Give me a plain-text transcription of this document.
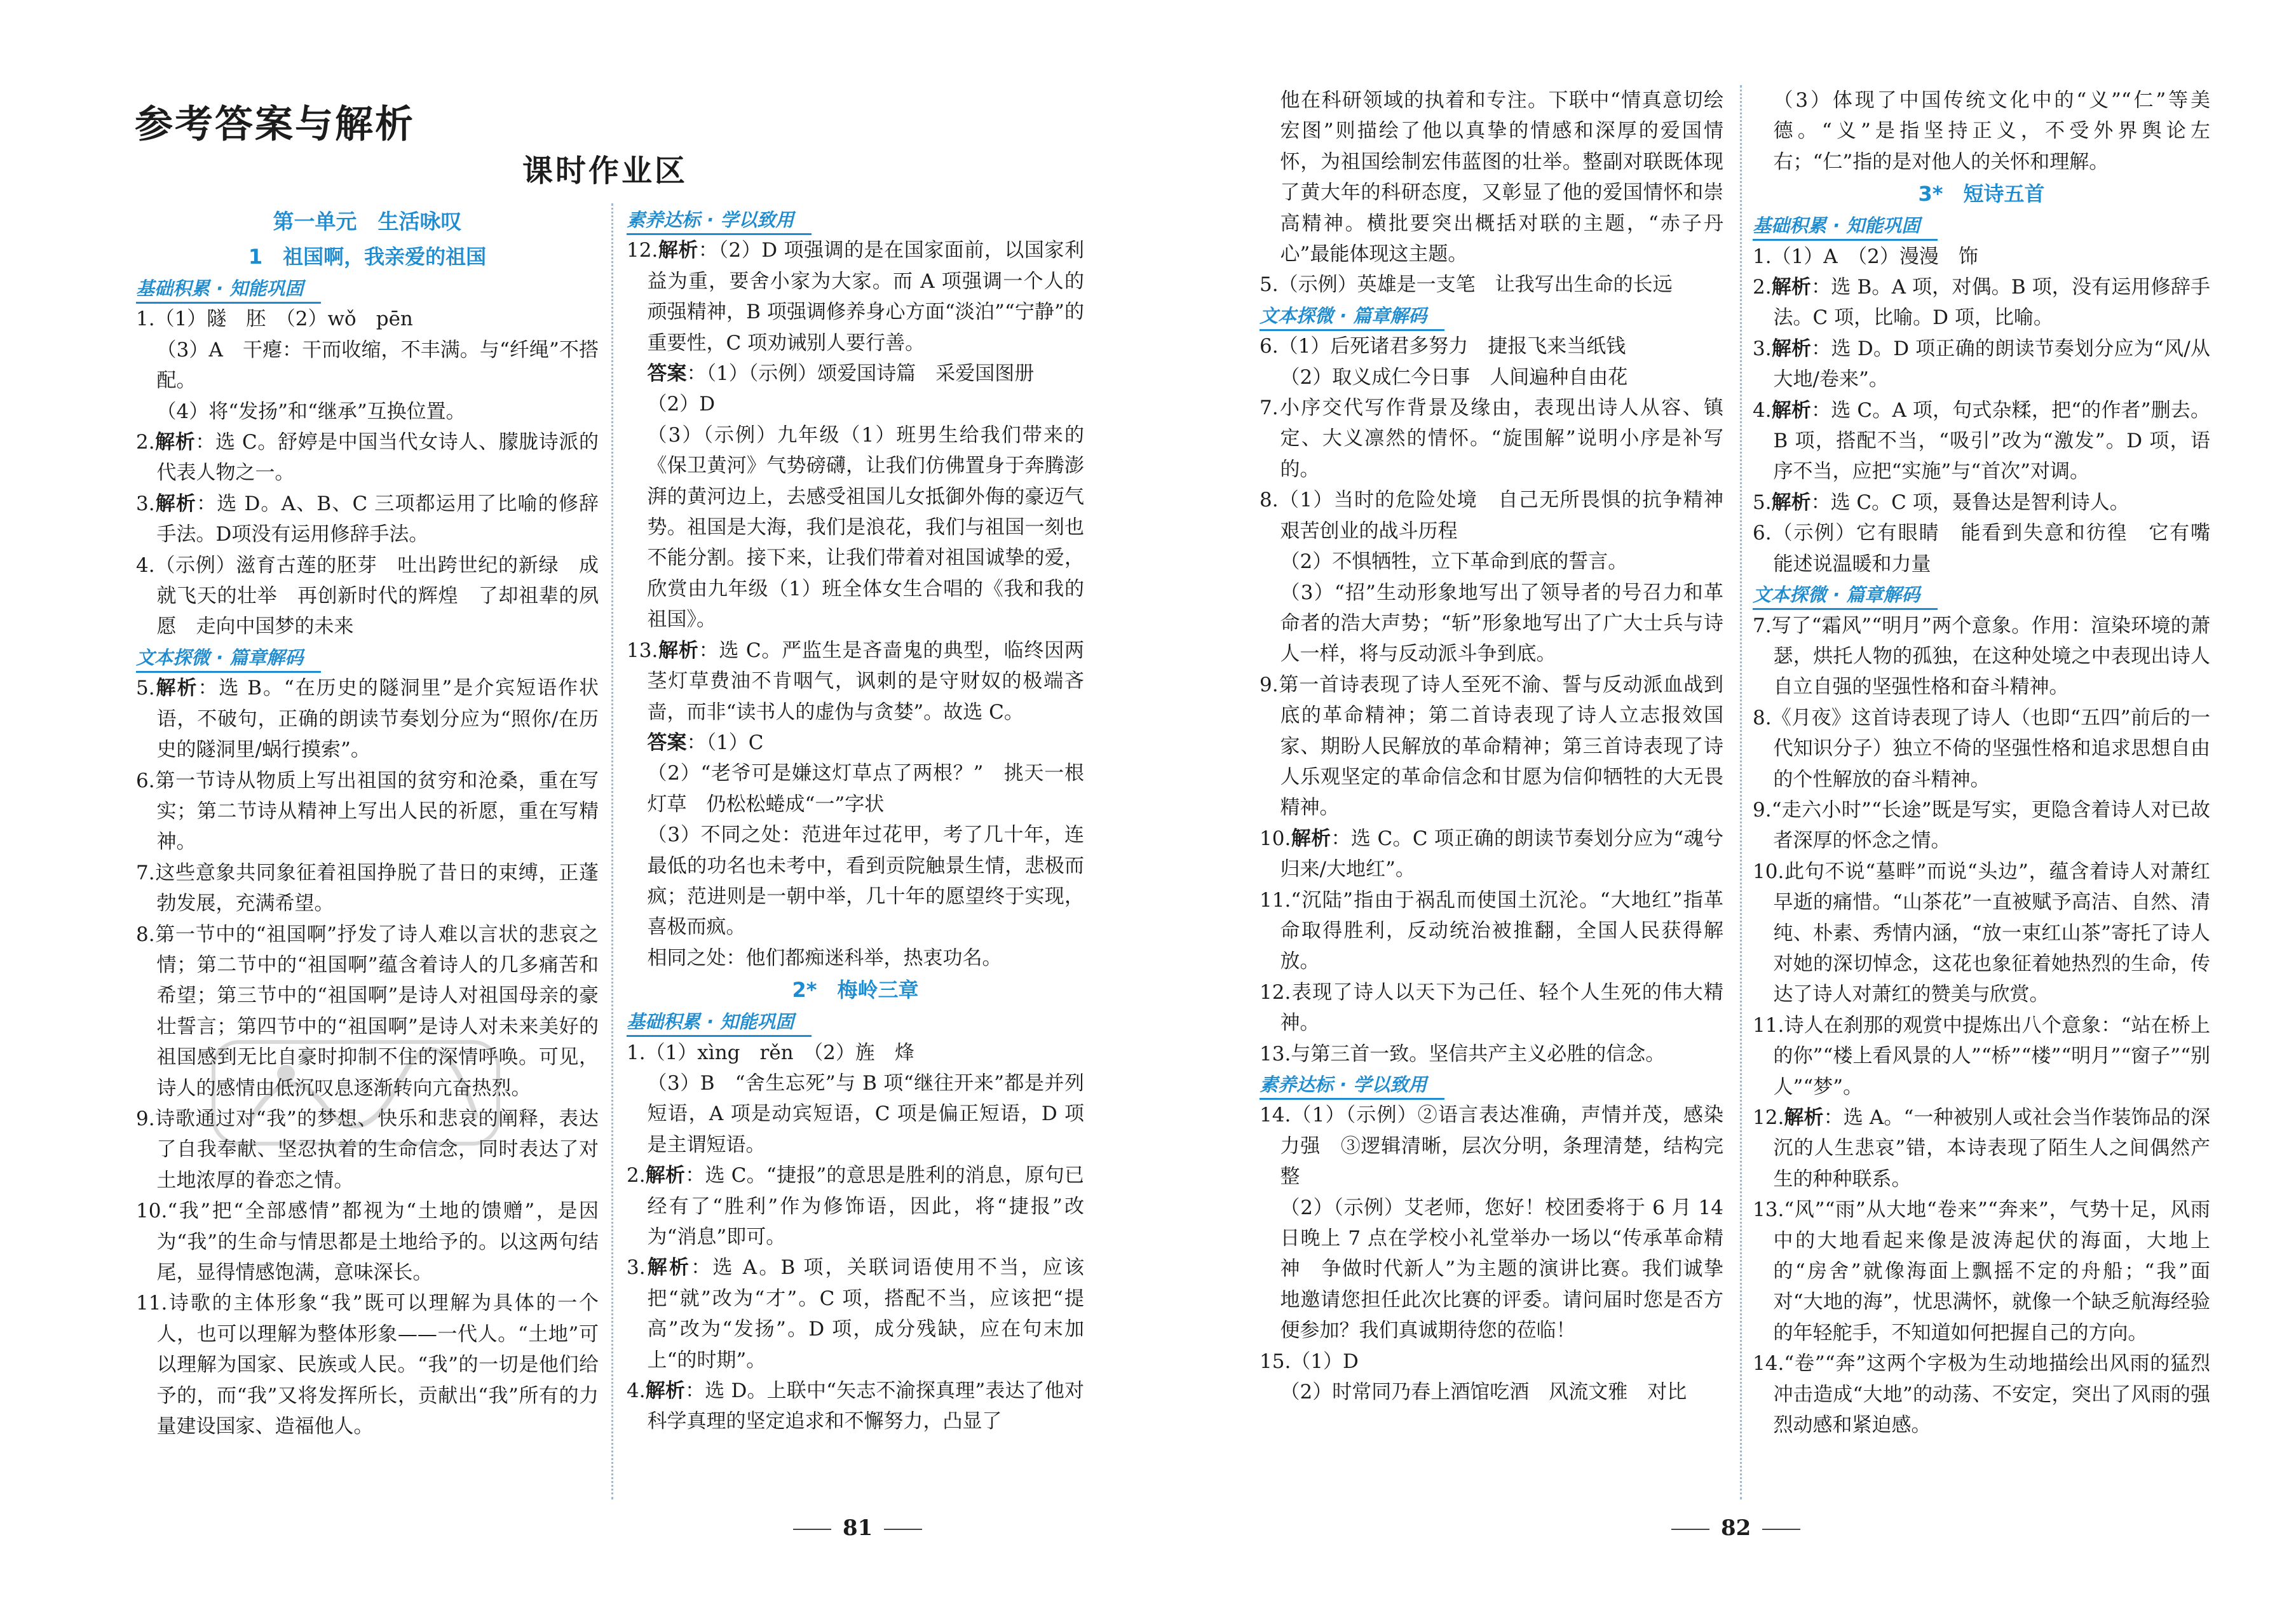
参考答案与解析
课时作业区
第一单元　生活咏叹
1　祖国啊，我亲爱的祖国
基础积累 · 知能巩固

1.（1）隧　胚　（2）wǒ　pēn

（3）A　干瘪：干而收缩，不丰满。与“纤绳”不搭配。

（4）将“发扬”和“继承”互换位置。

2.解析：选 C。舒婷是中国当代女诗人、朦胧诗派的代表人物之一。

3.解析：选 D。A、B、C 三项都运用了比喻的修辞手法。D项没有运用修辞手法。

4.（示例）滋育古莲的胚芽　吐出跨世纪的新绿　成就飞天的壮举　再创新时代的辉煌　了却祖辈的夙愿　走向中国梦的未来

文本探微 · 篇章解码

5.解析：选 B。“在历史的隧洞里”是介宾短语作状语，不破句，正确的朗读节奏划分应为“照你/在历史的隧洞里/蜗行摸索”。

6.第一节诗从物质上写出祖国的贫穷和沧桑，重在写实；第二节诗从精神上写出人民的祈愿，重在写精神。

7.这些意象共同象征着祖国挣脱了昔日的束缚，正蓬勃发展，充满希望。

8.第一节中的“祖国啊”抒发了诗人难以言状的悲哀之情；第二节中的“祖国啊”蕴含着诗人的几多痛苦和希望；第三节中的“祖国啊”是诗人对祖国母亲的豪壮誓言；第四节中的“祖国啊”是诗人对未来美好的祖国感到无比自豪时抑制不住的深情呼唤。可见，诗人的感情由低沉叹息逐渐转向亢奋热烈。

9.诗歌通过对“我”的梦想、快乐和悲哀的阐释，表达了自我奉献、坚忍执着的生命信念，同时表达了对土地浓厚的眷恋之情。

10.“我”把“全部感情”都视为“土地的馈赠”，是因为“我”的生命与情思都是土地给予的。以这两句结尾，显得情感饱满，意味深长。

11.诗歌的主体形象“我”既可以理解为具体的一个人，也可以理解为整体形象——一代人。“土地”可以理解为国家、民族或人民。“我”的一切是他们给予的，而“我”又将发挥所长，贡献出“我”所有的力量建设国家、造福他人。

素养达标 · 学以致用

12.解析：（2）D 项强调的是在国家面前，以国家利益为重，要舍小家为大家。而 A 项强调一个人的顽强精神，B 项强调修养身心方面“淡泊”“宁静”的重要性，C 项劝诫别人要行善。

答案：（1）（示例）颂爱国诗篇　采爱国图册

（2）D

（3）（示例）九年级（1）班男生给我们带来的《保卫黄河》气势磅礴，让我们仿佛置身于奔腾澎湃的黄河边上，去感受祖国儿女抵御外侮的豪迈气势。祖国是大海，我们是浪花，我们与祖国一刻也不能分割。接下来，让我们带着对祖国诚挚的爱，欣赏由九年级（1）班全体女生合唱的《我和我的祖国》。

13.解析：选 C。严监生是吝啬鬼的典型，临终因两茎灯草费油不肯咽气，讽刺的是守财奴的极端吝啬，而非“读书人的虚伪与贪婪”。故选 C。

答案：（1）C

（2）“老爷可是嫌这灯草点了两根？”　挑天一根灯草　仍松松蜷成“一”字状

（3）不同之处：范进年过花甲，考了几十年，连最低的功名也未考中，看到贡院触景生情，悲极而疯；范进则是一朝中举，几十年的愿望终于实现，喜极而疯。

相同之处：他们都痴迷科举，热衷功名。

2*　梅岭三章
基础积累 · 知能巩固

1.（1）xìng　rěn　（2）旌　烽

（3）B　“舍生忘死”与 B 项“继往开来”都是并列短语，A 项是动宾短语，C 项是偏正短语，D 项是主谓短语。

2.解析：选 C。“捷报”的意思是胜利的消息，原句已经有了“胜利”作为修饰语，因此，将“捷报”改为“消息”即可。

3.解析：选 A。B 项，关联词语使用不当，应该把“就”改为“才”。C 项，搭配不当，应该把“提高”改为“发扬”。D 项，成分残缺，应在句末加上“的时期”。

4.解析：选 D。上联中“矢志不渝探真理”表达了他对科学真理的坚定追求和不懈努力，凸显了

他在科研领域的执着和专注。下联中“情真意切绘宏图”则描绘了他以真挚的情感和深厚的爱国情怀，为祖国绘制宏伟蓝图的壮举。整副对联既体现了黄大年的科研态度，又彰显了他的爱国情怀和崇高精神。横批要突出概括对联的主题，“赤子丹心”最能体现这主题。

5.（示例）英雄是一支笔　让我写出生命的长远

文本探微 · 篇章解码

6.（1）后死诸君多努力　捷报飞来当纸钱

（2）取义成仁今日事　人间遍种自由花

7.小序交代写作背景及缘由，表现出诗人从容、镇定、大义凛然的情怀。“旋围解”说明小序是补写的。

8.（1）当时的危险处境　自己无所畏惧的抗争精神　艰苦创业的战斗历程

（2）不惧牺牲，立下革命到底的誓言。

（3）“招”生动形象地写出了领导者的号召力和革命者的浩大声势；“斩”形象地写出了广大士兵与诗人一样，将与反动派斗争到底。

9.第一首诗表现了诗人至死不渝、誓与反动派血战到底的革命精神；第二首诗表现了诗人立志报效国家、期盼人民解放的革命精神；第三首诗表现了诗人乐观坚定的革命信念和甘愿为信仰牺牲的大无畏精神。

10.解析：选 C。C 项正确的朗读节奏划分应为“魂兮归来/大地红”。

11.“沉陆”指由于祸乱而使国土沉沦。“大地红”指革命取得胜利，反动统治被推翻，全国人民获得解放。

12.表现了诗人以天下为己任、轻个人生死的伟大精神。

13.与第三首一致。坚信共产主义必胜的信念。

素养达标 · 学以致用

14.（1）（示例）②语言表达准确，声情并茂，感染力强　③逻辑清晰，层次分明，条理清楚，结构完整

（2）（示例）艾老师，您好！校团委将于 6 月 14 日晚上 7 点在学校小礼堂举办一场以“传承革命精神　争做时代新人”为主题的演讲比赛。我们诚挚地邀请您担任此次比赛的评委。请问届时您是否方便参加？我们真诚期待您的莅临！

15.（1）D

（2）时常同乃春上酒馆吃酒　风流文雅　对比

（3）体现了中国传统文化中的“义”“仁”等美德。“义”是指坚持正义，不受外界舆论左右；“仁”指的是对他人的关怀和理解。

3*　短诗五首
基础积累 · 知能巩固

1.（1）A　（2）漫漫　饰

2.解析：选 B。A 项，对偶。B 项，没有运用修辞手法。C 项，比喻。D 项，比喻。

3.解析：选 D。D 项正确的朗读节奏划分应为“风/从大地/卷来”。

4.解析：选 C。A 项，句式杂糅，把“的作者”删去。B 项，搭配不当，“吸引”改为“激发”。D 项，语序不当，应把“实施”与“首次”对调。

5.解析：选 C。C 项，聂鲁达是智利诗人。

6.（示例）它有眼睛　能看到失意和彷徨　它有嘴　能述说温暖和力量

文本探微 · 篇章解码

7.写了“霜风”“明月”两个意象。作用：渲染环境的萧瑟，烘托人物的孤独，在这种处境之中表现出诗人自立自强的坚强性格和奋斗精神。

8.《月夜》这首诗表现了诗人（也即“五四”前后的一代知识分子）独立不倚的坚强性格和追求思想自由的个性解放的奋斗精神。

9.“走六小时”“长途”既是写实，更隐含着诗人对已故者深厚的怀念之情。

10.此句不说“墓畔”而说“头边”，蕴含着诗人对萧红早逝的痛惜。“山茶花”一直被赋予高洁、自然、清纯、朴素、秀情内涵，“放一束红山茶”寄托了诗人对她的深切悼念，这花也象征着她热烈的生命，传达了诗人对萧红的赞美与欣赏。

11.诗人在刹那的观赏中提炼出八个意象：“站在桥上的你”“楼上看风景的人”“桥”“楼”“明月”“窗子”“别人”“梦”。

12.解析：选 A。“一种被别人或社会当作装饰品的深沉的人生悲哀”错，本诗表现了陌生人之间偶然产生的种种联系。

13.“风”“雨”从大地“卷来”“奔来”，气势十足，风雨中的大地看起来像是波涛起伏的海面，大地上的“房舍”就像海面上飘摇不定的舟船；“我”面对“大地的海”，忧思满怀，就像一个缺乏航海经验的年轻舵手，不知道如何把握自己的方向。

14.“卷”“奔”这两个字极为生动地描绘出风雨的猛烈冲击造成“大地”的动荡、不安定，突出了风雨的强烈动感和紧迫感。

81	82
